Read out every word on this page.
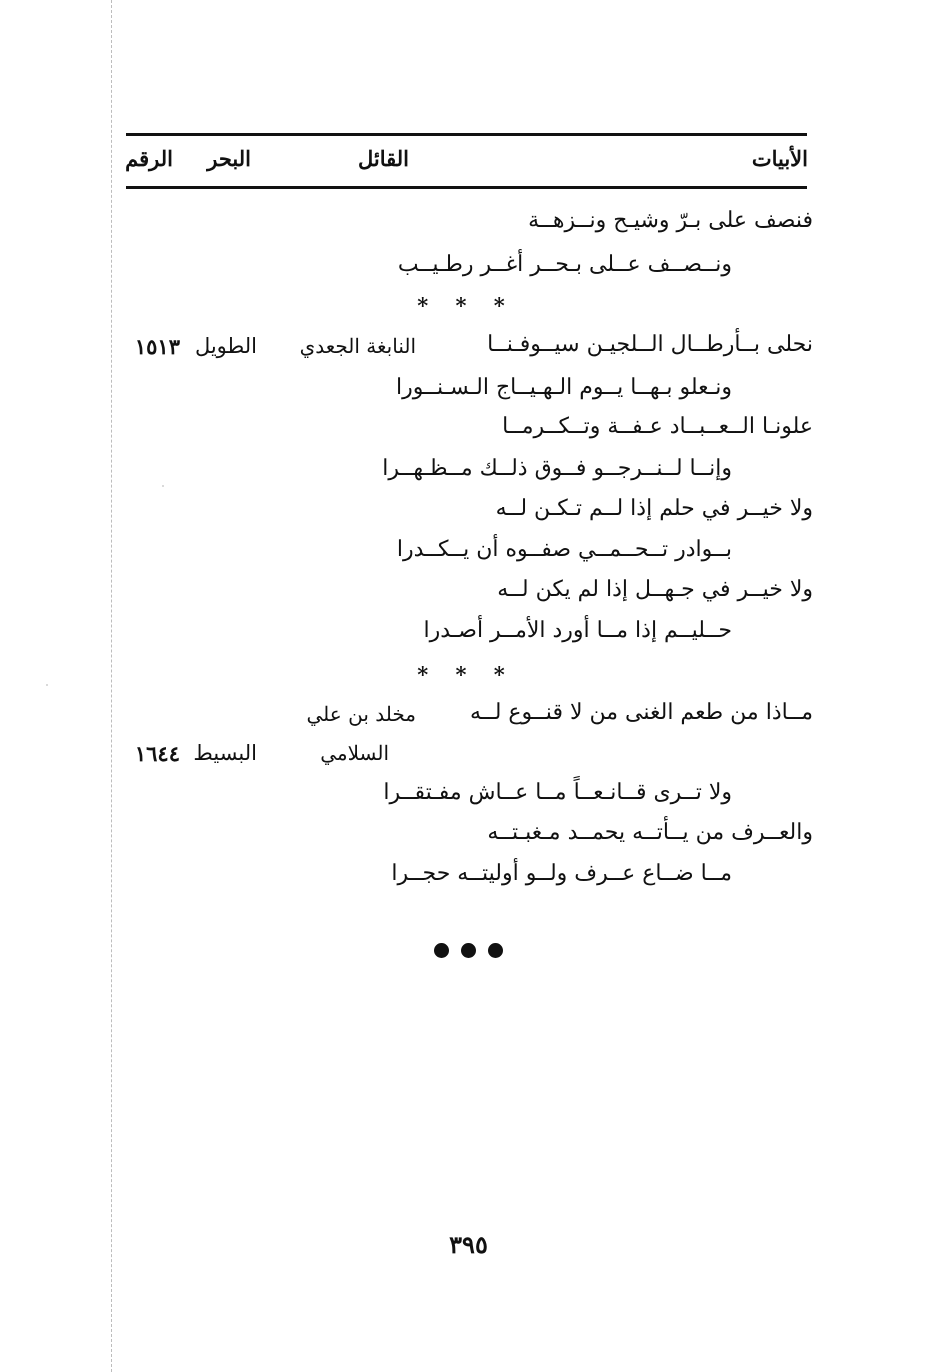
الأبيات
القائل
البحر
الرقم
فنصف على بـرّ وشيـح ونــزهــة
ونــصــف عــلى بـحــر أغــر رطـيــب
* * *
نحلى بــأرطــال الــلجيـن سيــوفـنــا
النابغة الجعدي
الطويل
١٥١٣
ونـعلو بـهــا يــوم الـهـيــاج الـسـنــورا
علونـا الــعــبــاد عـفــة وتــكــرمــا
وإنــا لــنــرجــو فــوق ذلــك مــظـهــرا
ولا خيــر في حلم إذا لــم تـكـن لــه
بــوادر تــحــمــي صفــوه أن يــكــدرا
ولا خيــر في جـهــل إذا لم يكن لــه
حــليــم إذا مــا أورد الأمــر أصـدرا
* * *
مــاذا من طعم الغنى من لا قنــوع لــه
مخلد بن علي
السلامي
البسيط
١٦٤٤
ولا تــرى قــانـعــاً مــا عــاش مفـتقــرا
والعــرف من يــأتــه يحمــد مـغبـتــه
مــا ضــاع عــرف ولــو أوليتــه حجــرا
٣٩٥
